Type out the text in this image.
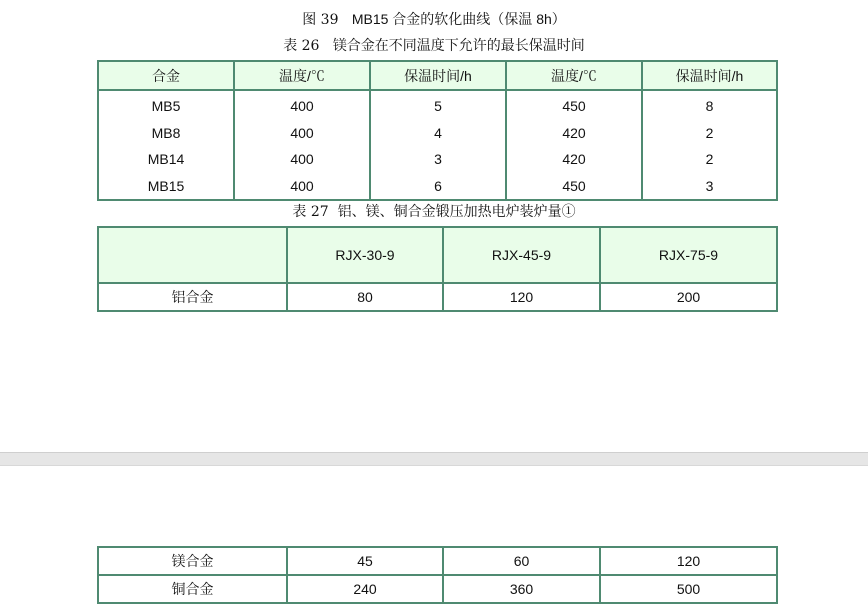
图 39 MB15 合金的软化曲线（保温 8h）
表 26 镁合金在不同温度下允许的最长保温时间
合金	温度/℃	保温时间/h	温度/℃	保温时间/h
MB5	400	5	450	8
MB8	400	4	420	2
MB14	400	3	420	2
MB15	400	6	450	3
表 27 铝、镁、铜合金锻压加热电炉装炉量①
	RJX-30-9	RJX-45-9	RJX-75-9
铝合金	80	120	200
镁合金	45	60	120
铜合金	240	360	500
